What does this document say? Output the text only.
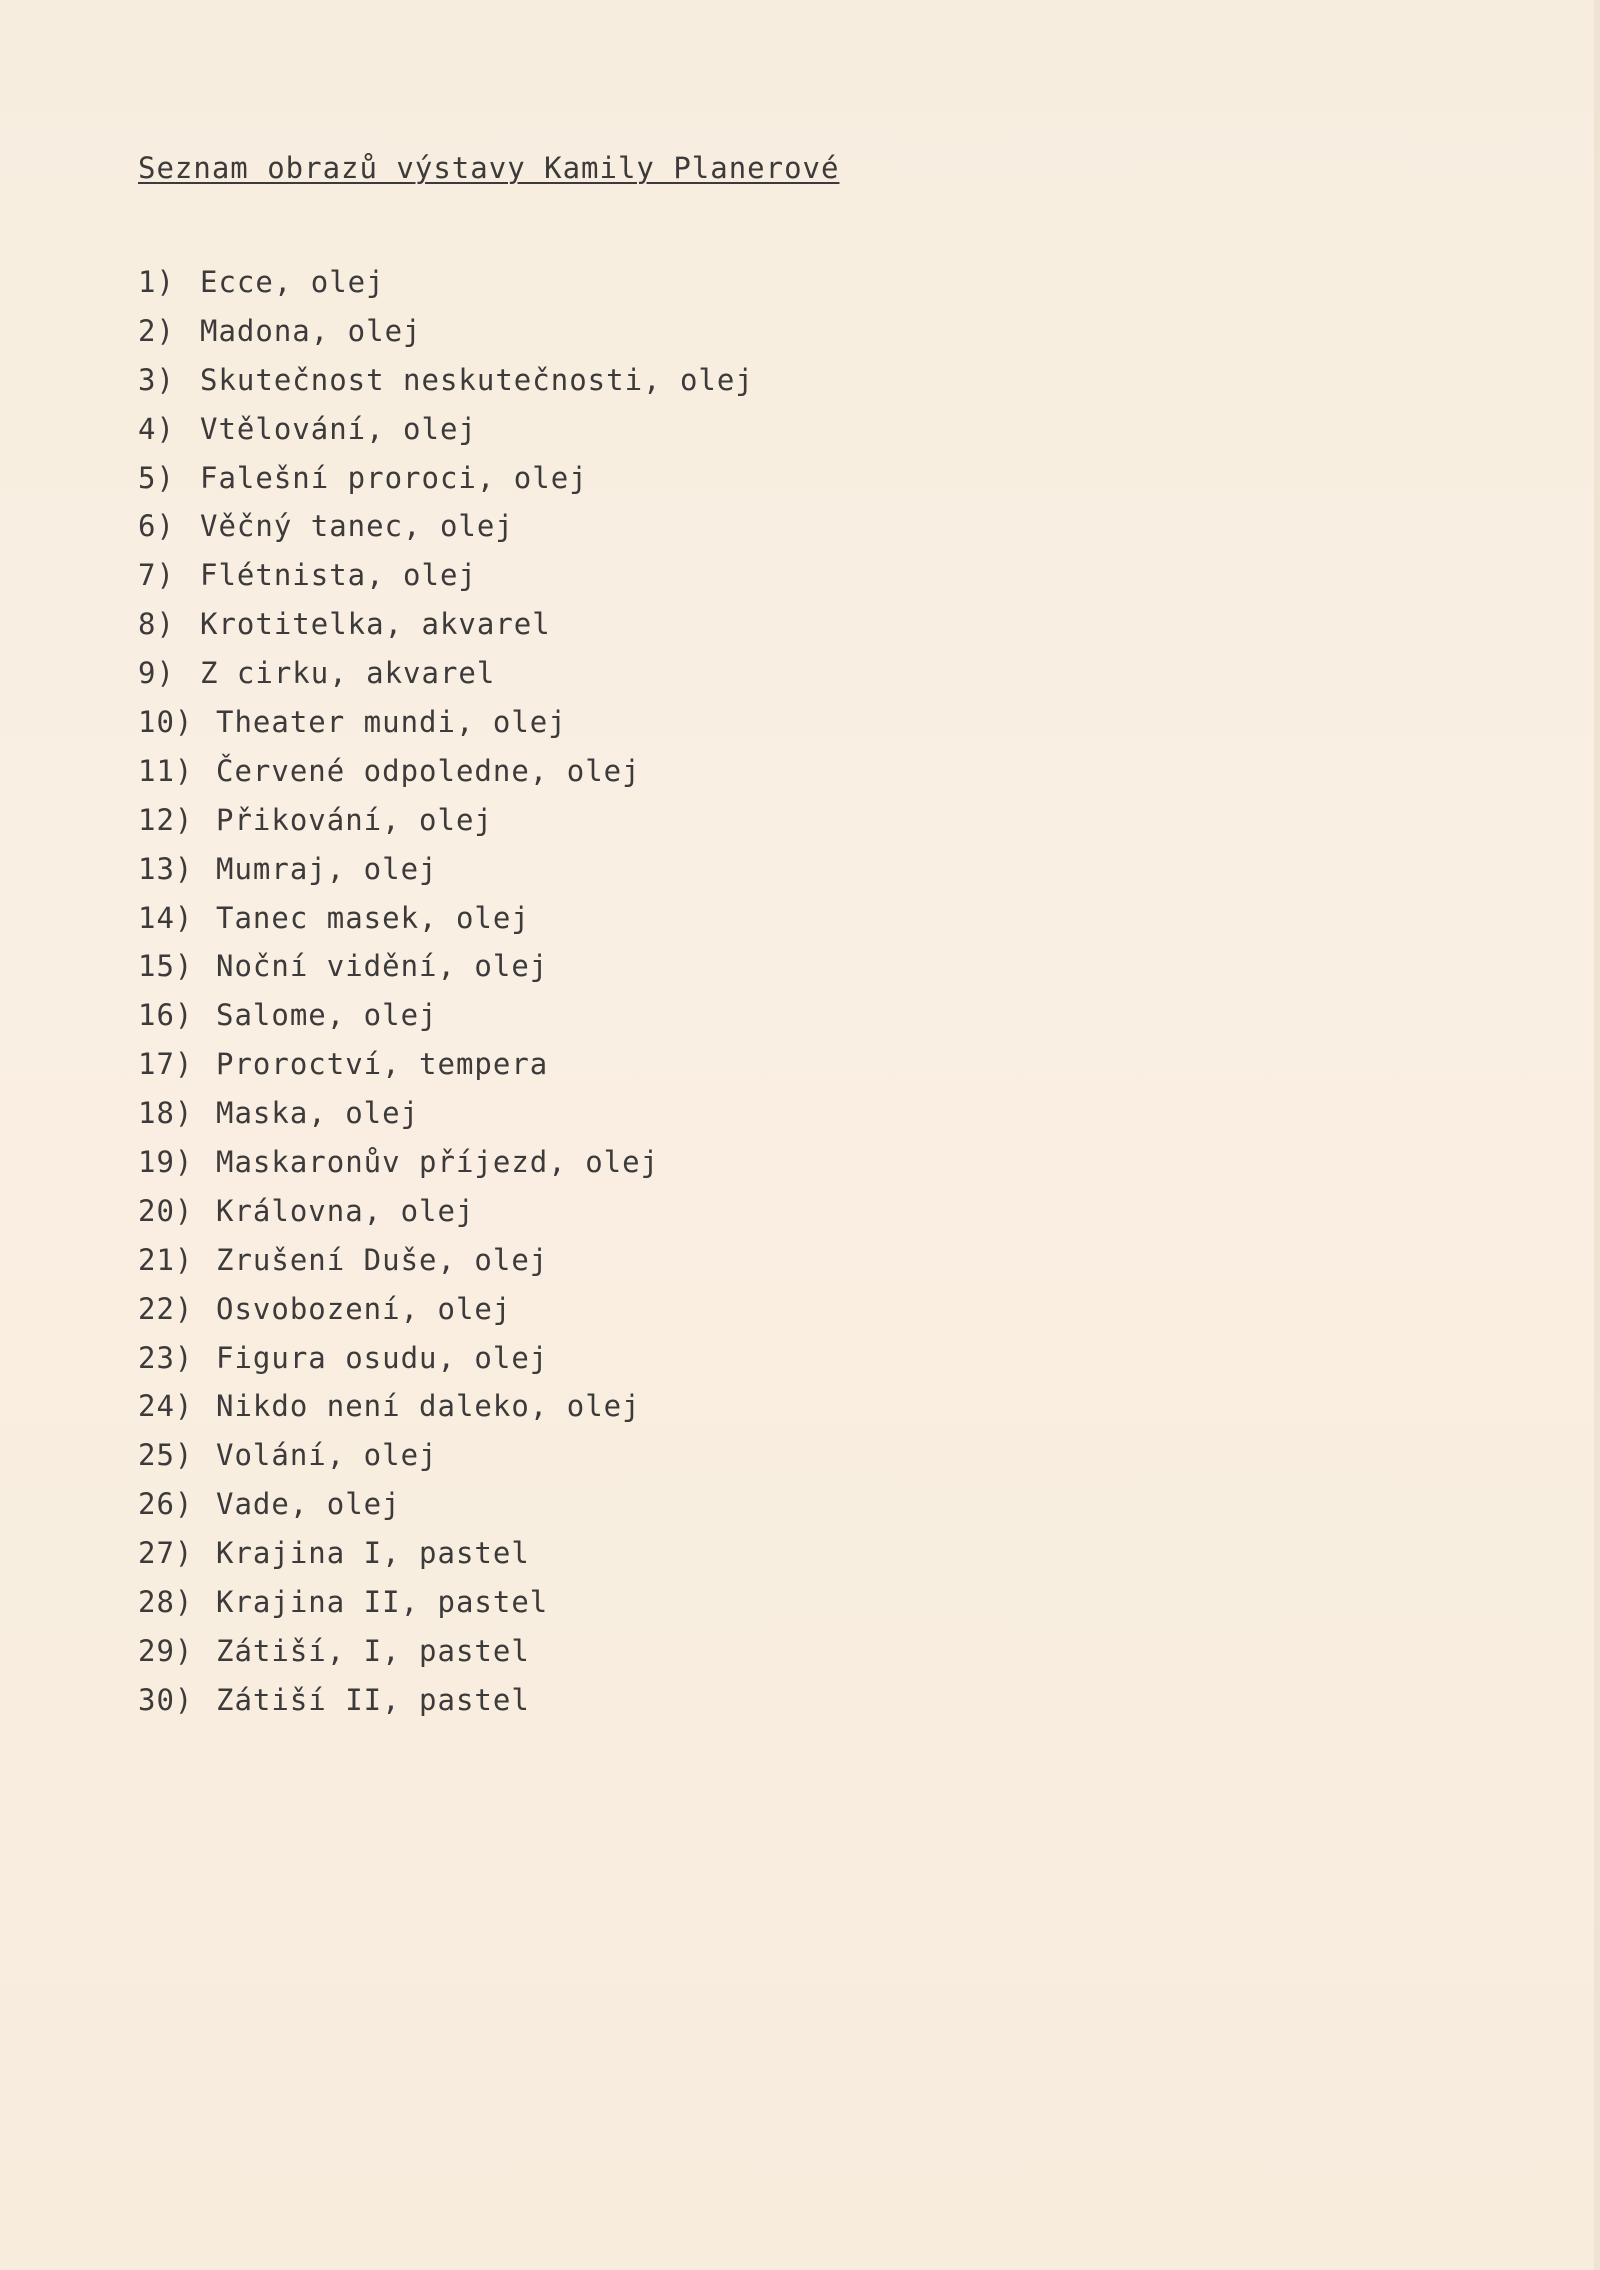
Seznam obrazů výstavy Kamily Planerové
1) Ecce, olej
2) Madona, olej
3) Skutečnost neskutečnosti, olej
4) Vtělování, olej
5) Falešní proroci, olej
6) Věčný tanec, olej
7) Flétnista, olej
8) Krotitelka, akvarel
9) Z cirku, akvarel
10) Theater mundi, olej
11) Červené odpoledne, olej
12) Přikování, olej
13) Mumraj, olej
14) Tanec masek, olej
15) Noční vidění, olej
16) Salome, olej
17) Proroctví, tempera
18) Maska, olej
19) Maskaronův příjezd, olej
20) Královna, olej
21) Zrušení Duše, olej
22) Osvobození, olej
23) Figura osudu, olej
24) Nikdo není daleko, olej
25) Volání, olej
26) Vade, olej
27) Krajina I, pastel
28) Krajina II, pastel
29) Zátiší, I, pastel
30) Zátiší II, pastel
